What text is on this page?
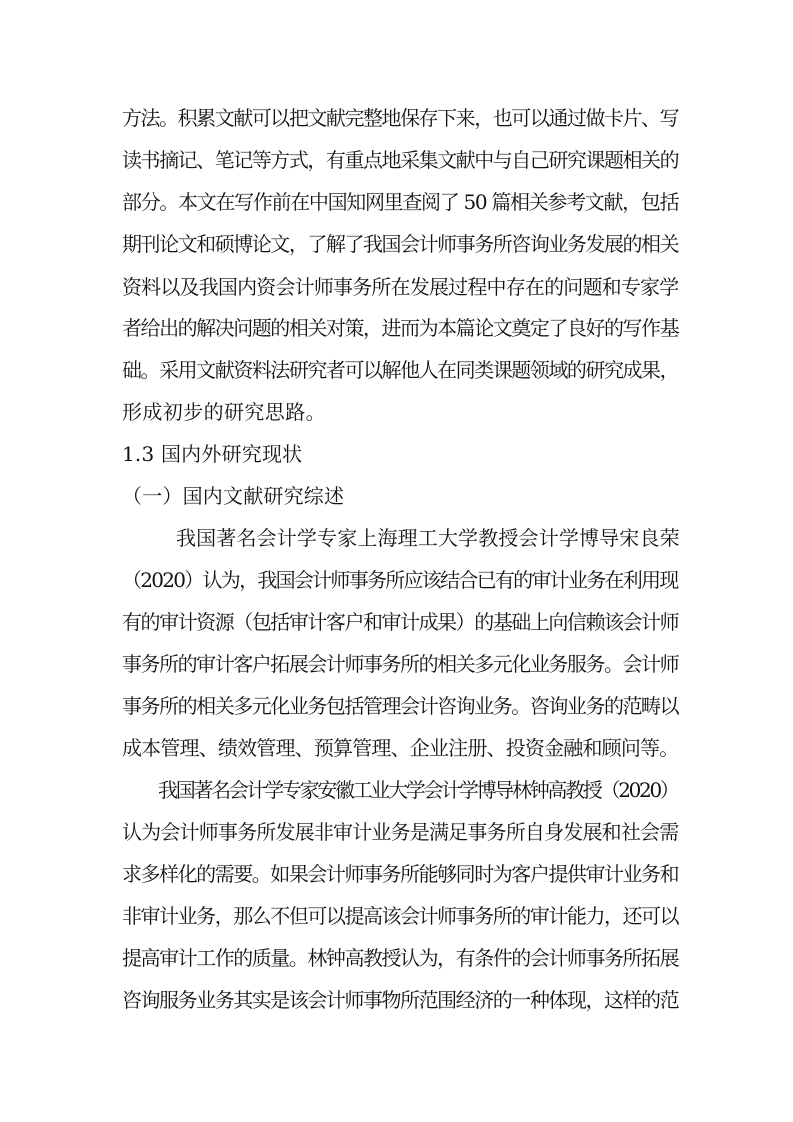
方法。积累文献可以把文献完整地保存下来，也可以通过做卡片、写
读书摘记、笔记等方式，有重点地采集文献中与自己研究课题相关的
部分。本文在写作前在中国知网里查阅了 50 篇相关参考文献，包括
期刊论文和硕博论文，了解了我国会计师事务所咨询业务发展的相关
资料以及我国内资会计师事务所在发展过程中存在的问题和专家学
者给出的解决问题的相关对策，进而为本篇论文奠定了良好的写作基
础。采用文献资料法研究者可以解他人在同类课题领域的研究成果，
形成初步的研究思路。
1.3 国内外研究现状
（一）国内文献研究综述
我国著名会计学专家上海理工大学教授会计学博导宋良荣
（2020）认为，我国会计师事务所应该结合已有的审计业务在利用现
有的审计资源（包括审计客户和审计成果）的基础上向信赖该会计师
事务所的审计客户拓展会计师事务所的相关多元化业务服务。会计师
事务所的相关多元化业务包括管理会计咨询业务。咨询业务的范畴以
成本管理、绩效管理、预算管理、企业注册、投资金融和顾问等。
我国著名会计学专家安徽工业大学会计学博导林钟高教授（2020）
认为会计师事务所发展非审计业务是满足事务所自身发展和社会需
求多样化的需要。如果会计师事务所能够同时为客户提供审计业务和
非审计业务，那么不但可以提高该会计师事务所的审计能力，还可以
提高审计工作的质量。林钟高教授认为，有条件的会计师事务所拓展
咨询服务业务其实是该会计师事物所范围经济的一种体现，这样的范
